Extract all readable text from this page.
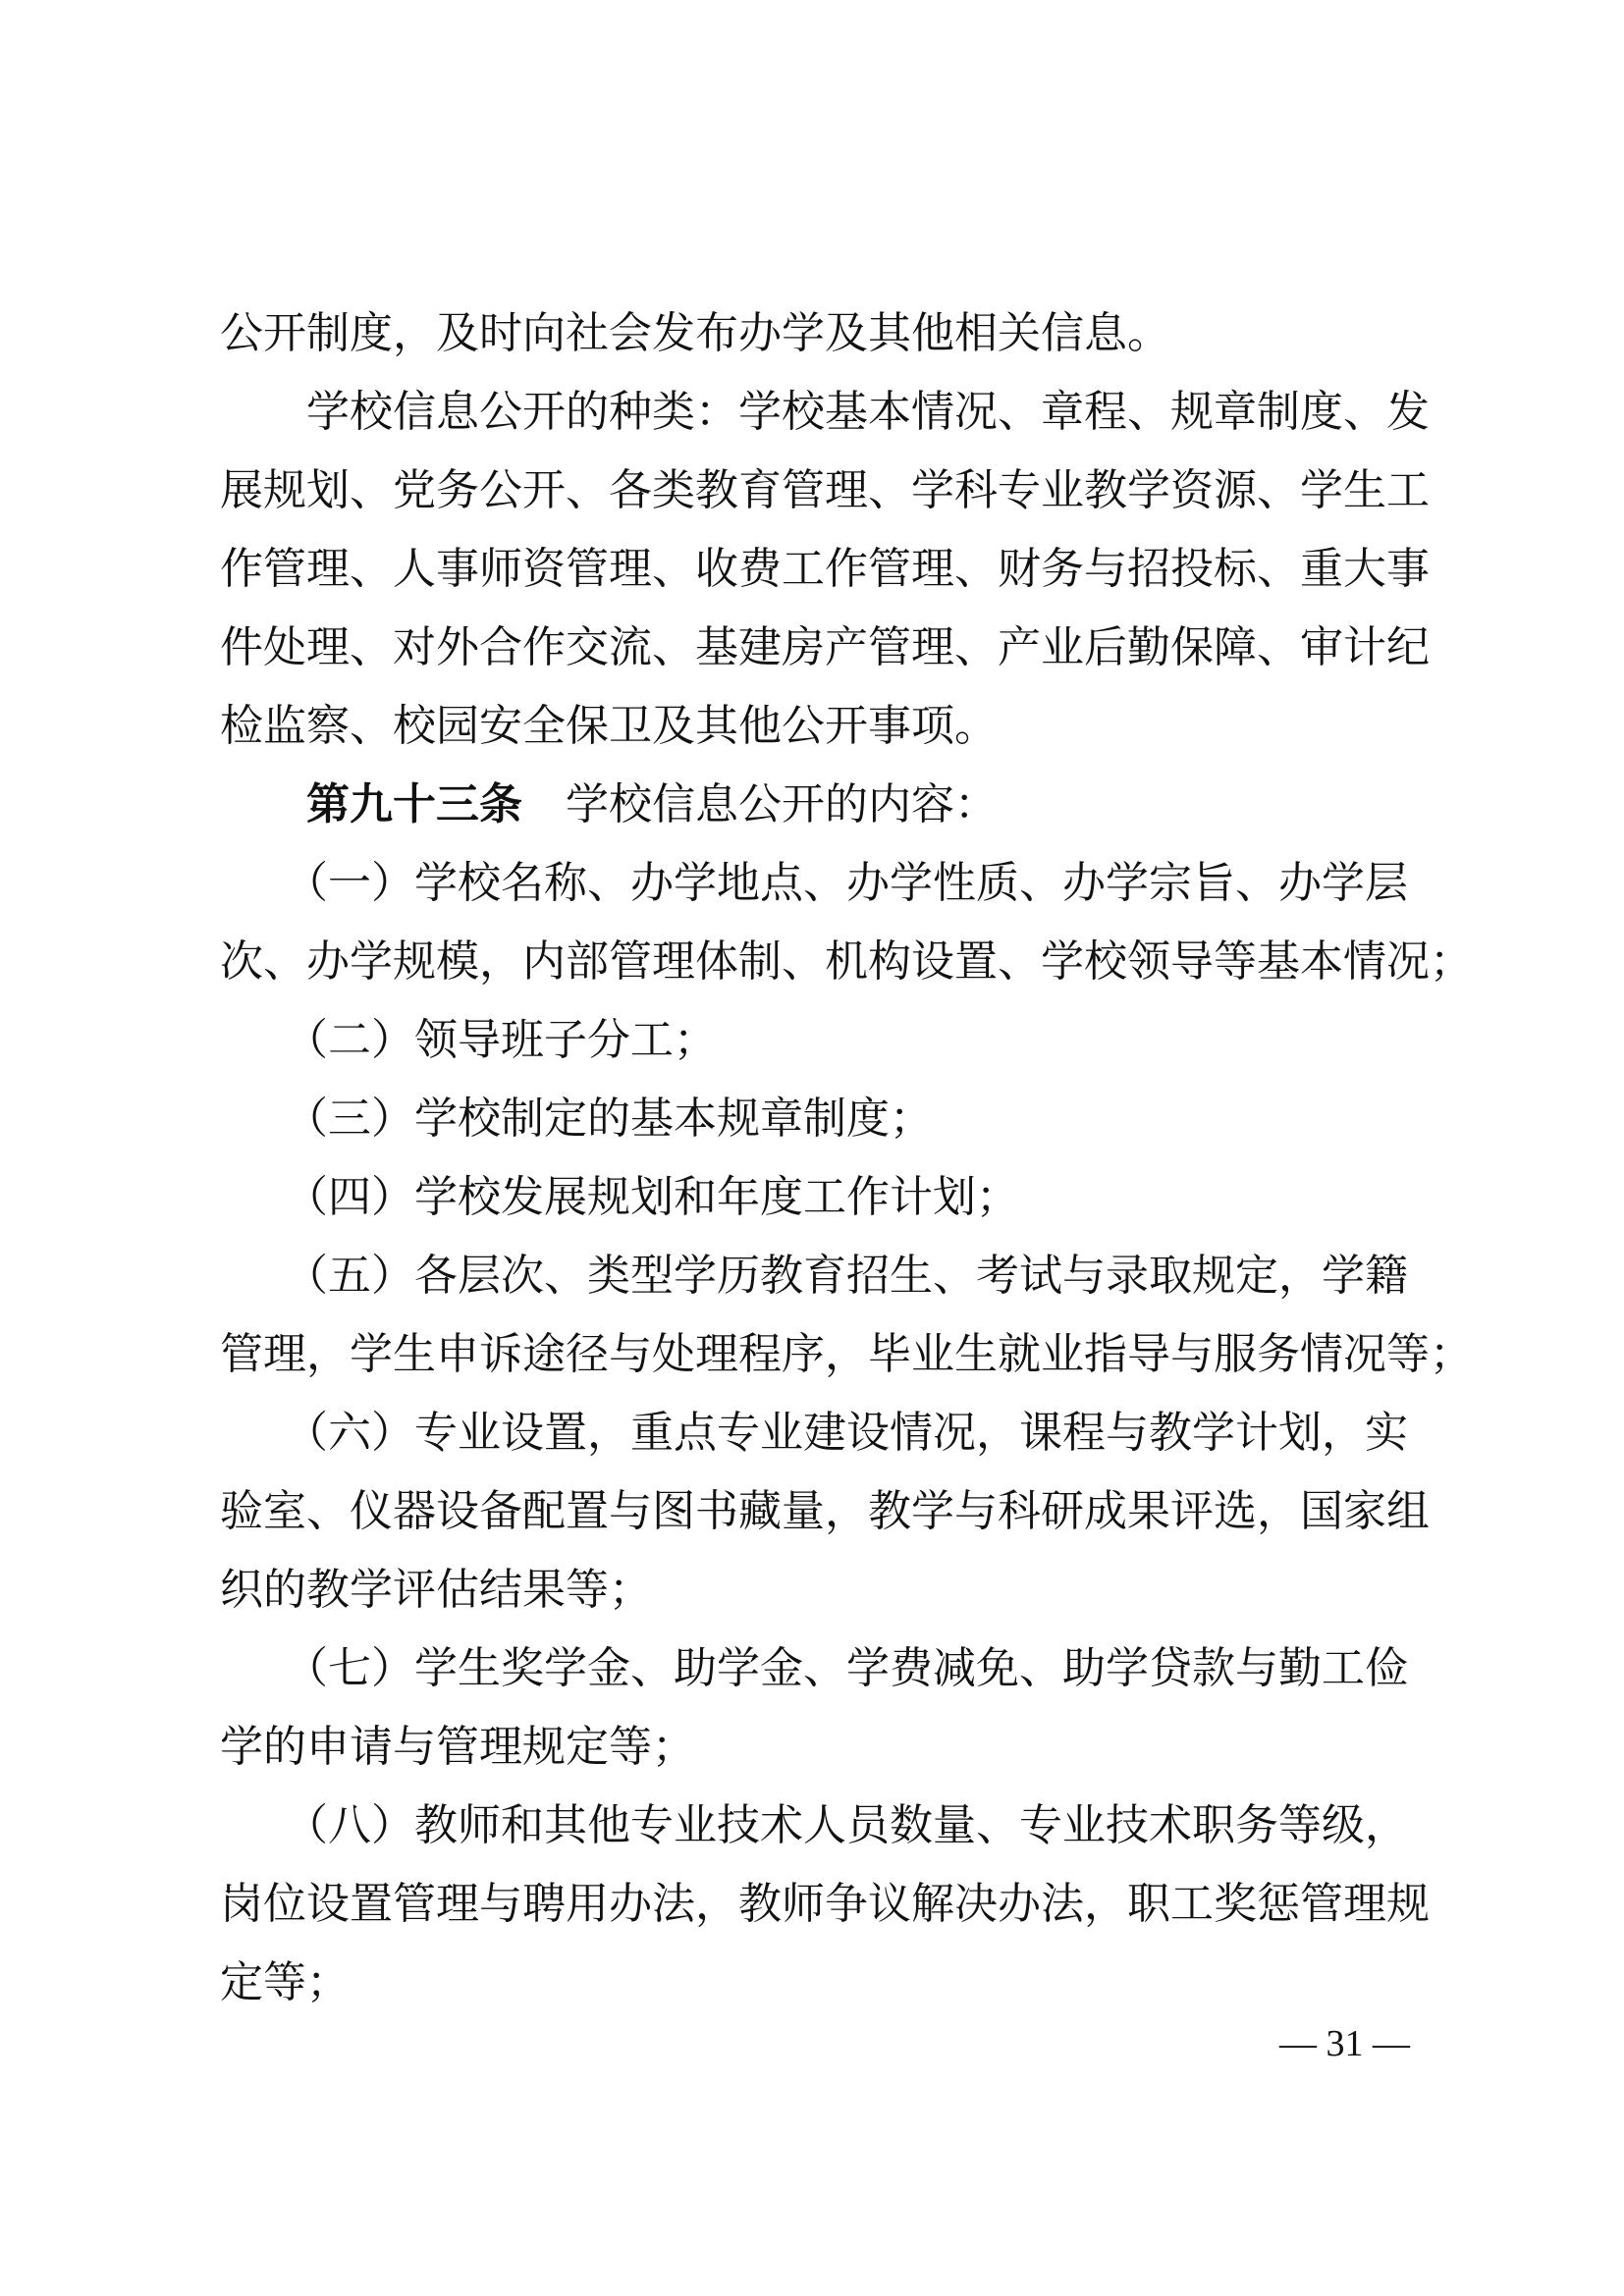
公开制度，及时向社会发布办学及其他相关信息。
　　学校信息公开的种类：学校基本情况、章程、规章制度、发
展规划、党务公开、各类教育管理、学科专业教学资源、学生工
作管理、人事师资管理、收费工作管理、财务与招投标、重大事
件处理、对外合作交流、基建房产管理、产业后勤保障、审计纪
检监察、校园安全保卫及其他公开事项。
　　第九十三条　学校信息公开的内容：
　　（一）学校名称、办学地点、办学性质、办学宗旨、办学层
次、办学规模，内部管理体制、机构设置、学校领导等基本情况；
　　（二）领导班子分工；
　　（三）学校制定的基本规章制度；
　　（四）学校发展规划和年度工作计划；
　　（五）各层次、类型学历教育招生、考试与录取规定，学籍
管理，学生申诉途径与处理程序，毕业生就业指导与服务情况等；
　　（六）专业设置，重点专业建设情况，课程与教学计划，实
验室、仪器设备配置与图书藏量，教学与科研成果评选，国家组
织的教学评估结果等；
　　（七）学生奖学金、助学金、学费减免、助学贷款与勤工俭
学的申请与管理规定等；
　　（八）教师和其他专业技术人员数量、专业技术职务等级，
岗位设置管理与聘用办法，教师争议解决办法，职工奖惩管理规
定等；
— 31 —
